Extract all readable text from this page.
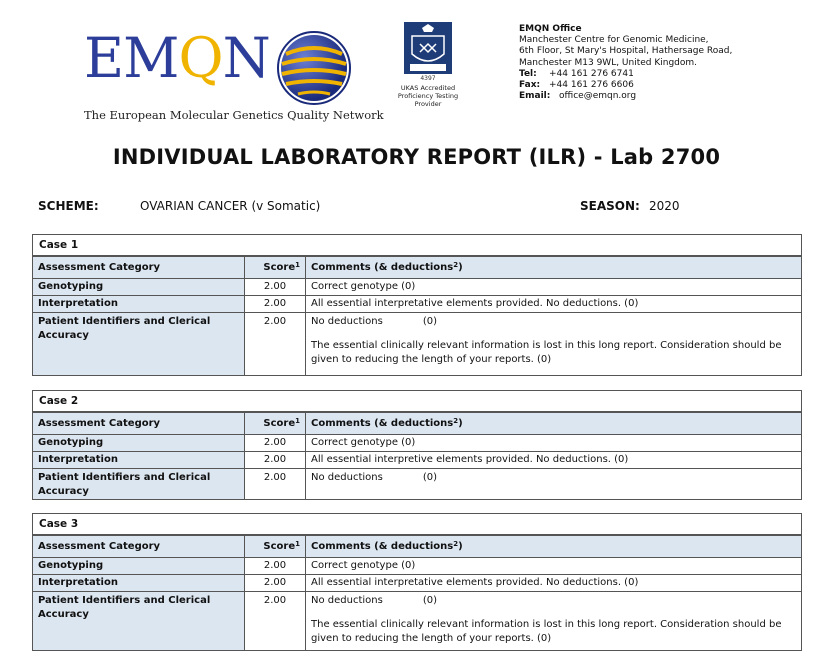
EMQN
The European Molecular Genetics Quality Network
4397
UKAS Accredited
Proficiency Testing
Provider
EMQN Office
Manchester Centre for Genomic Medicine,
6th Floor, St Mary's Hospital, Hathersage Road,
Manchester M13 9WL, United Kingdom.
Tel:	+44 161 276 6741
Fax: +44 161 276 6606
Email: office@emqn.org
INDIVIDUAL LABORATORY REPORT (ILR) - Lab 2700
SCHEME:	OVARIAN CANCER (v Somatic)	SEASON: 2020
Case 1
Assessment Category	Score$^1$	Comments (& deductions$^2$)
Genotyping	2.00	Correct genotype (0)
Interpretation	2.00	All essential interpretative elements provided. No deductions. (0)
Patient Identifiers and Clerical Accuracy	2.00	No deductions (0)
The essential clinically relevant information is lost in this long report. Consideration should be given to reducing the length of your reports. (0)
Case 2
Assessment Category	Score$^1$	Comments (& deductions$^2$)
Genotyping	2.00	Correct genotype (0)
Interpretation	2.00	All essential interpretive elements provided. No deductions. (0)
Patient Identifiers and Clerical Accuracy	2.00	No deductions (0)
Case 3
Assessment Category	Score$^1$	Comments (& deductions$^2$)
Genotyping	2.00	Correct genotype (0)
Interpretation	2.00	All essential interpretative elements provided. No deductions. (0)
Patient Identifiers and Clerical Accuracy	2.00	No deductions (0)
The essential clinically relevant information is lost in this long report. Consideration should be given to reducing the length of your reports. (0)
